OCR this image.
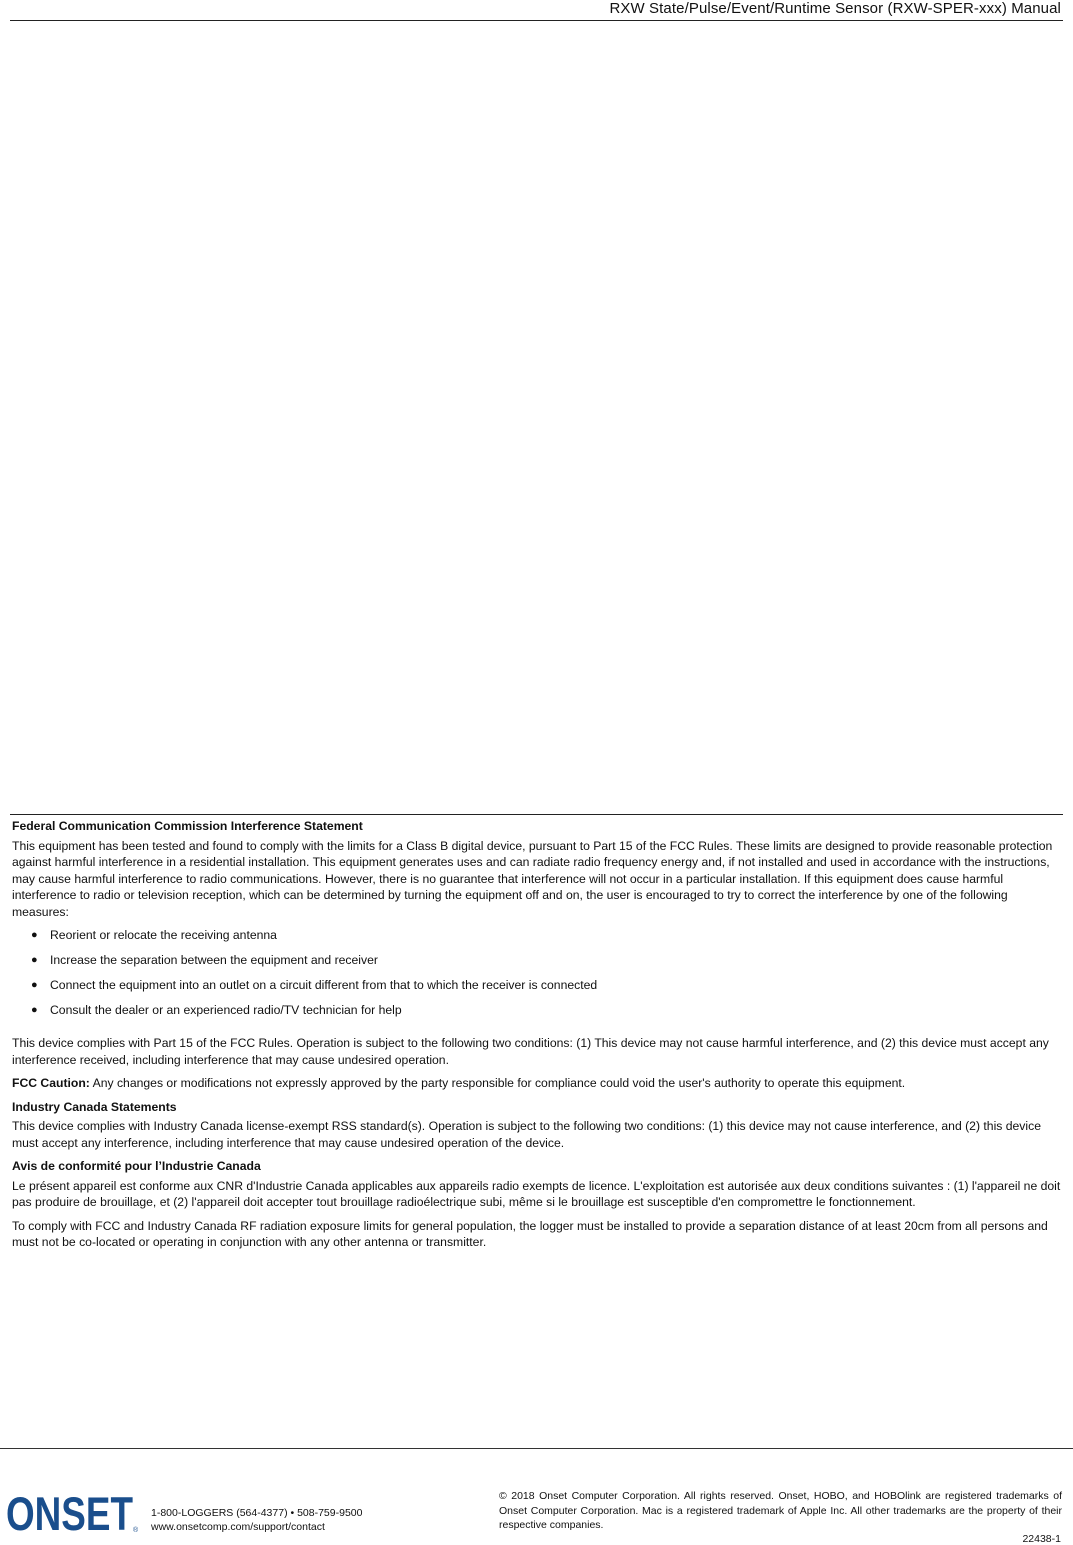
RXW State/Pulse/Event/Runtime Sensor (RXW-SPER-xxx) Manual

Federal Communication Commission Interference Statement

This equipment has been tested and found to comply with the limits for a Class B digital device, pursuant to Part 15 of the FCC Rules. These limits are designed to provide reasonable protection against harmful interference in a residential installation. This equipment generates uses and can radiate radio frequency energy and, if not installed and used in accordance with the instructions, may cause harmful interference to radio communications. However, there is no guarantee that interference will not occur in a particular installation. If this equipment does cause harmful interference to radio or television reception, which can be determined by turning the equipment off and on, the user is encouraged to try to correct the interference by one of the following measures:

● Reorient or relocate the receiving antenna
● Increase the separation between the equipment and receiver
● Connect the equipment into an outlet on a circuit different from that to which the receiver is connected
● Consult the dealer or an experienced radio/TV technician for help

This device complies with Part 15 of the FCC Rules. Operation is subject to the following two conditions: (1) This device may not cause harmful interference, and (2) this device must accept any interference received, including interference that may cause undesired operation.

FCC Caution: Any changes or modifications not expressly approved by the party responsible for compliance could void the user's authority to operate this equipment.

Industry Canada Statements

This device complies with Industry Canada license-exempt RSS standard(s). Operation is subject to the following two conditions: (1) this device may not cause interference, and (2) this device must accept any interference, including interference that may cause undesired operation of the device.

Avis de conformité pour l’Industrie Canada

Le présent appareil est conforme aux CNR d'Industrie Canada applicables aux appareils radio exempts de licence. L'exploitation est autorisée aux deux conditions suivantes : (1) l'appareil ne doit pas produire de brouillage, et (2) l'appareil doit accepter tout brouillage radioélectrique subi, même si le brouillage est susceptible d'en compromettre le fonctionnement.

To comply with FCC and Industry Canada RF radiation exposure limits for general population, the logger must be installed to provide a separation distance of at least 20cm from all persons and must not be co-located or operating in conjunction with any other antenna or transmitter.

ONSET ®
1-800-LOGGERS (564-4377) • 508-759-9500
www.onsetcomp.com/support/contact
© 2018 Onset Computer Corporation. All rights reserved. Onset, HOBO, and HOBOlink are registered trademarks of Onset Computer Corporation. Mac is a registered trademark of Apple Inc. All other trademarks are the property of their respective companies.
22438-1
